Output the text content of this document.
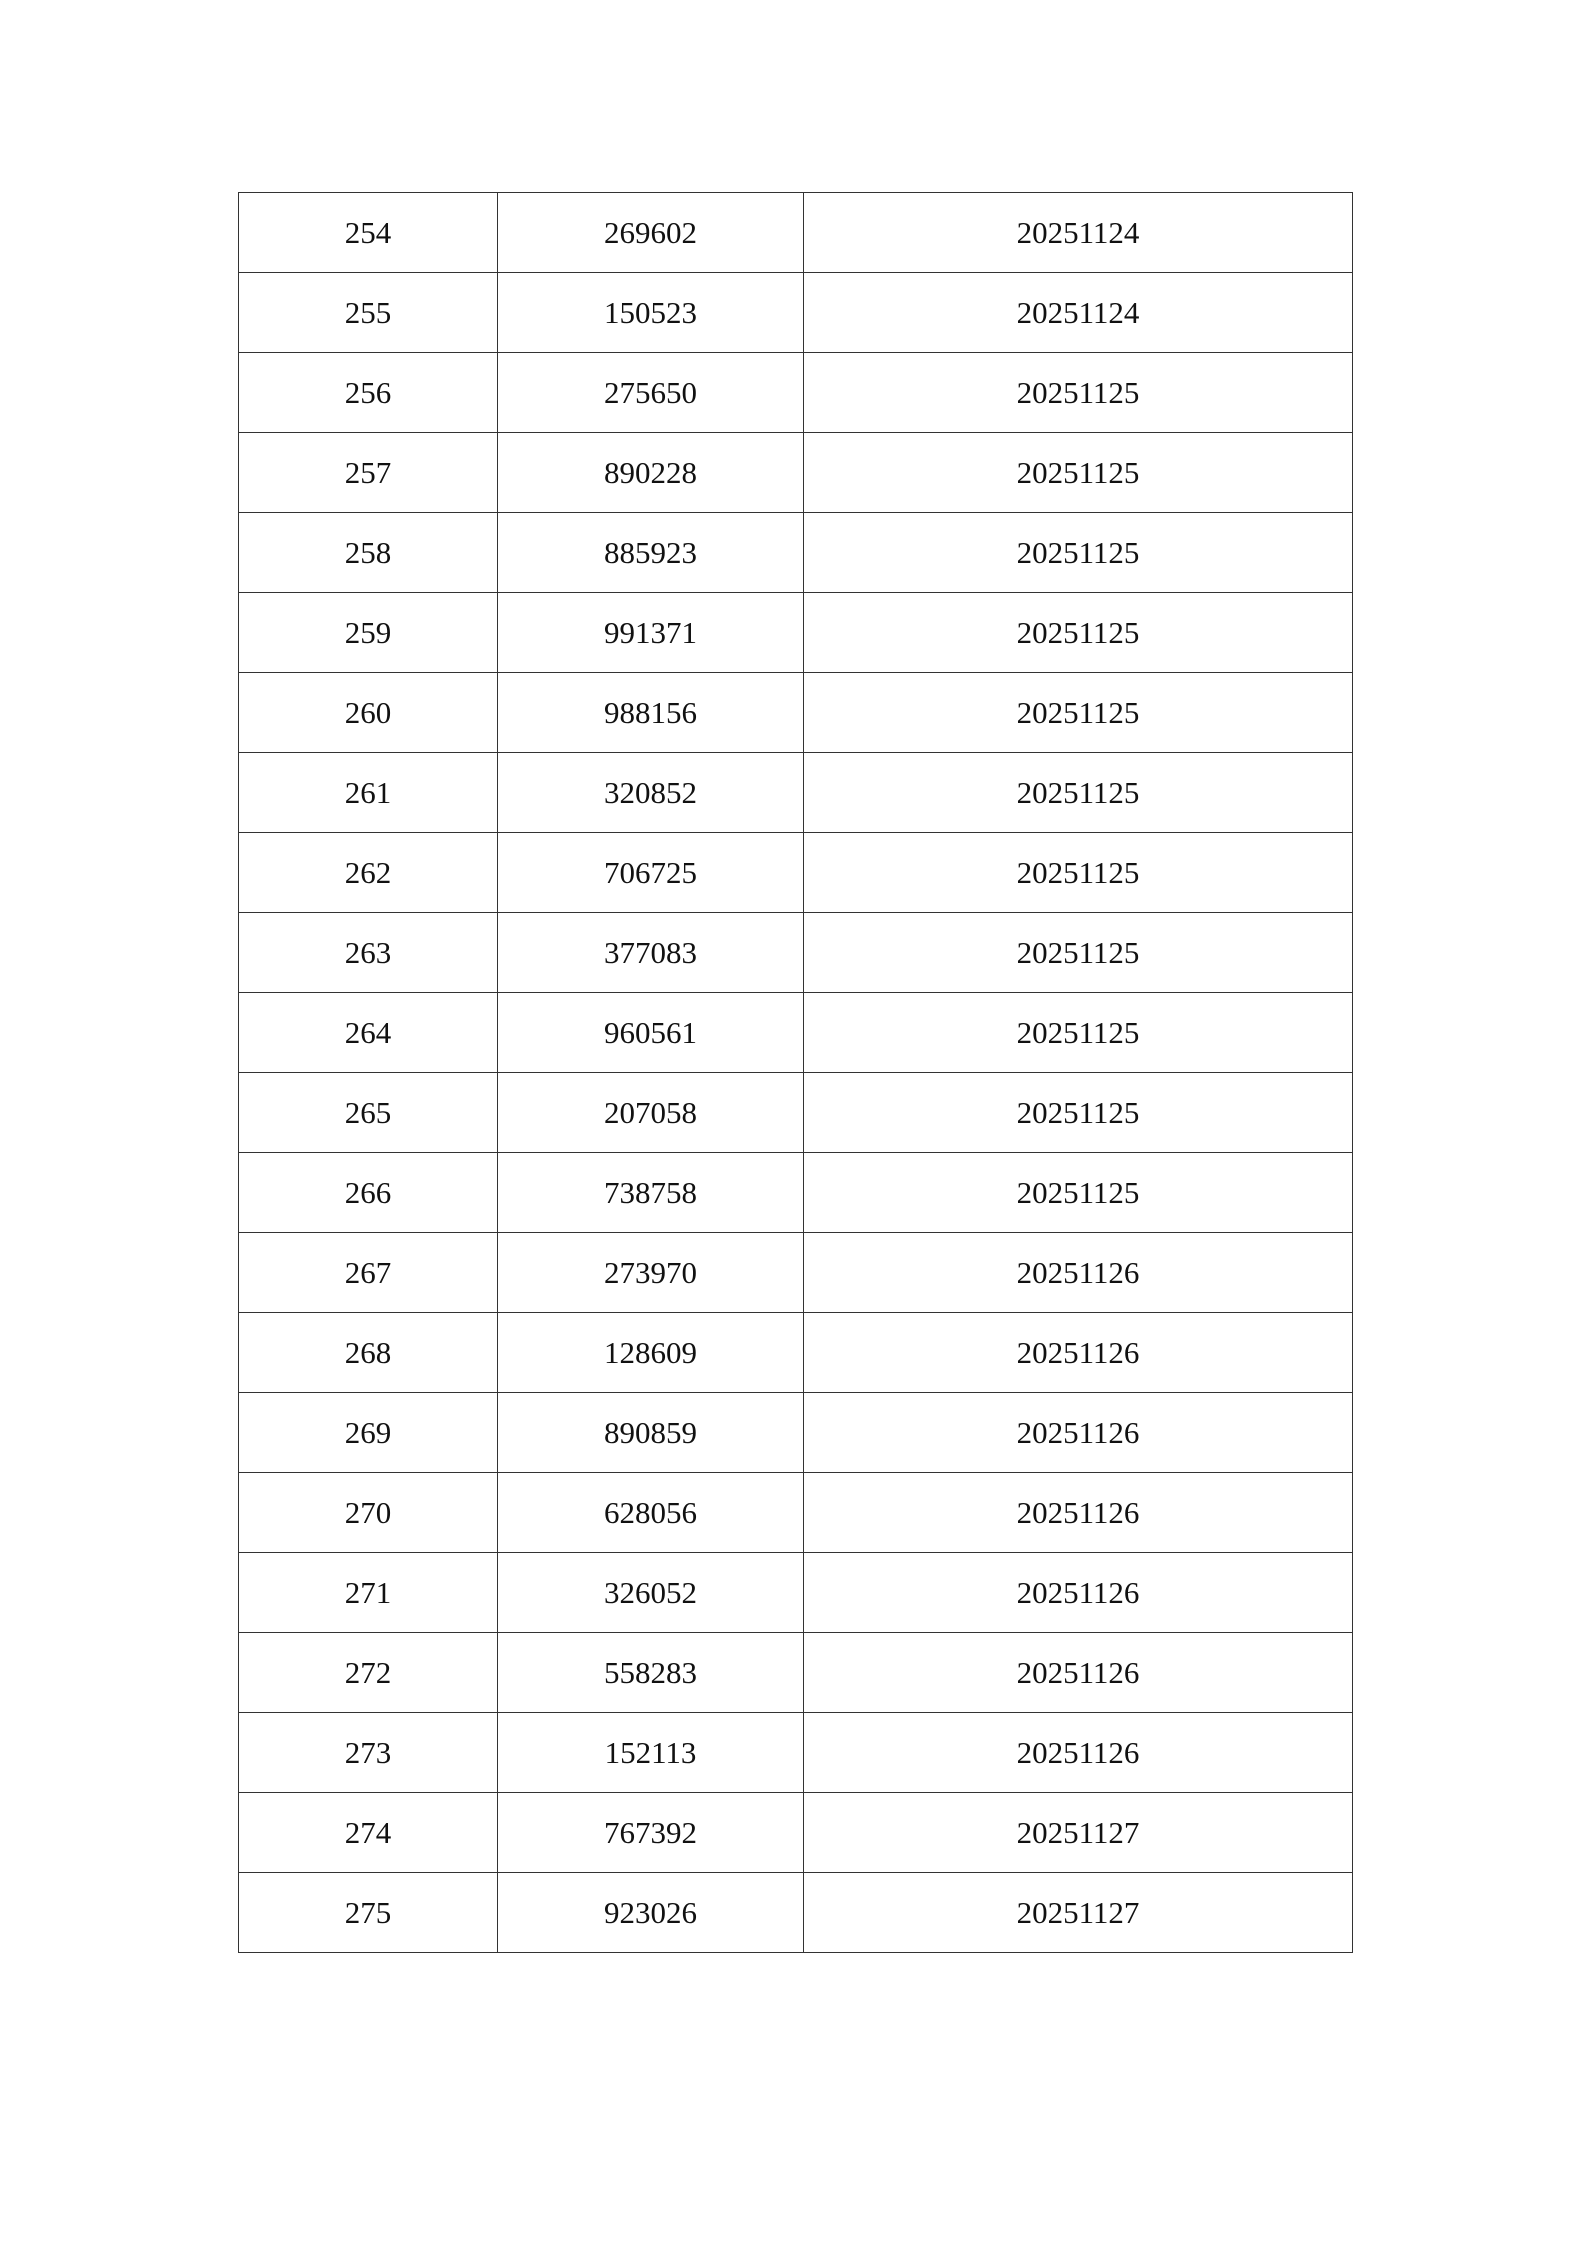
254	269602	20251124
255	150523	20251124
256	275650	20251125
257	890228	20251125
258	885923	20251125
259	991371	20251125
260	988156	20251125
261	320852	20251125
262	706725	20251125
263	377083	20251125
264	960561	20251125
265	207058	20251125
266	738758	20251125
267	273970	20251126
268	128609	20251126
269	890859	20251126
270	628056	20251126
271	326052	20251126
272	558283	20251126
273	152113	20251126
274	767392	20251127
275	923026	20251127
